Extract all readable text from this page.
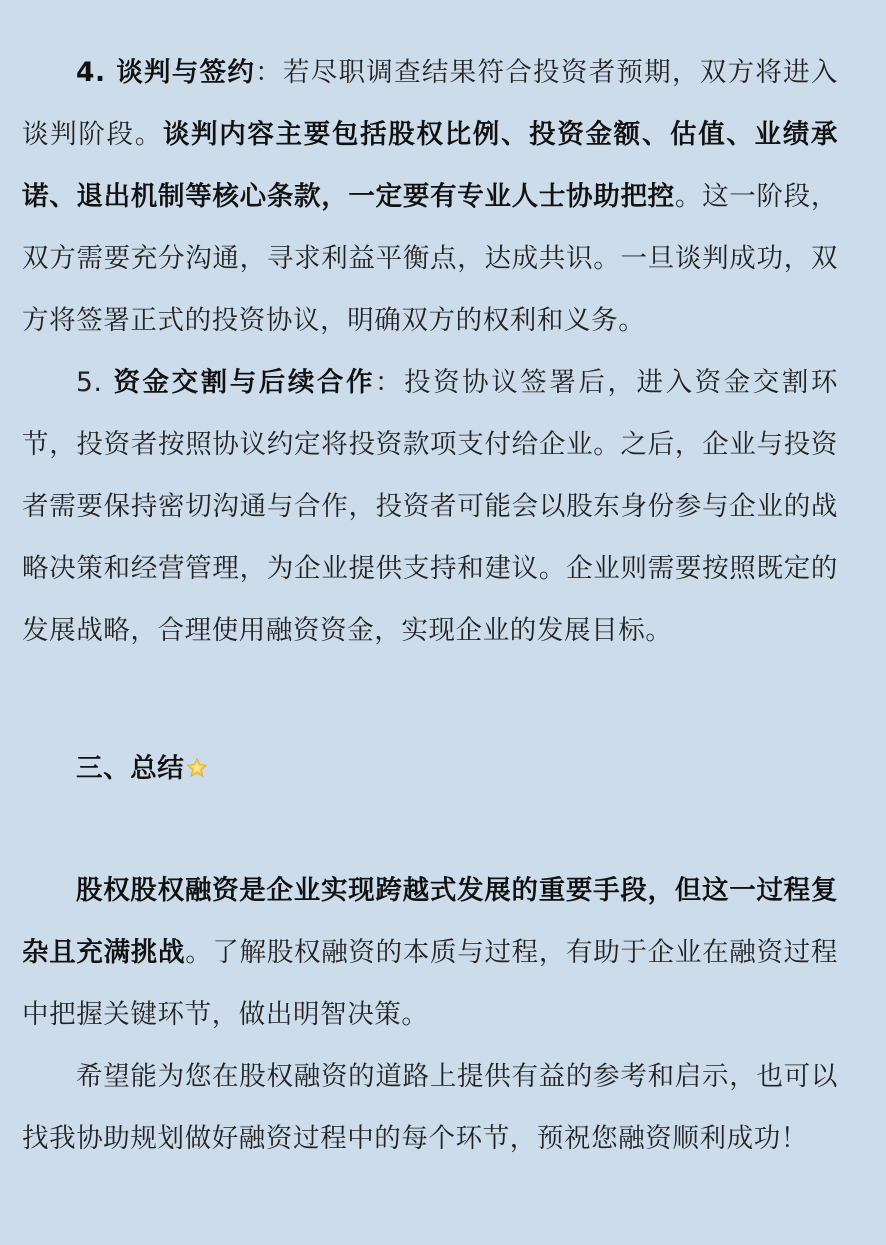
4. 谈判与签约：若尽职调查结果符合投资者预期，双方将进入谈判阶段。谈判内容主要包括股权比例、投资金额、估值、业绩承诺、退出机制等核心条款，一定要有专业人士协助把控。这一阶段，双方需要充分沟通，寻求利益平衡点，达成共识。一旦谈判成功，双方将签署正式的投资协议，明确双方的权利和义务。

5. 资金交割与后续合作：投资协议签署后，进入资金交割环节，投资者按照协议约定将投资款项支付给企业。之后，企业与投资者需要保持密切沟通与合作，投资者可能会以股东身份参与企业的战略决策和经营管理，为企业提供支持和建议。企业则需要按照既定的发展战略，合理使用融资资金，实现企业的发展目标。

三、总结

股权股权融资是企业实现跨越式发展的重要手段，但这一过程复杂且充满挑战。了解股权融资的本质与过程，有助于企业在融资过程中把握关键环节，做出明智决策。

希望能为您在股权融资的道路上提供有益的参考和启示，也可以找我协助规划做好融资过程中的每个环节，预祝您融资顺利成功！
